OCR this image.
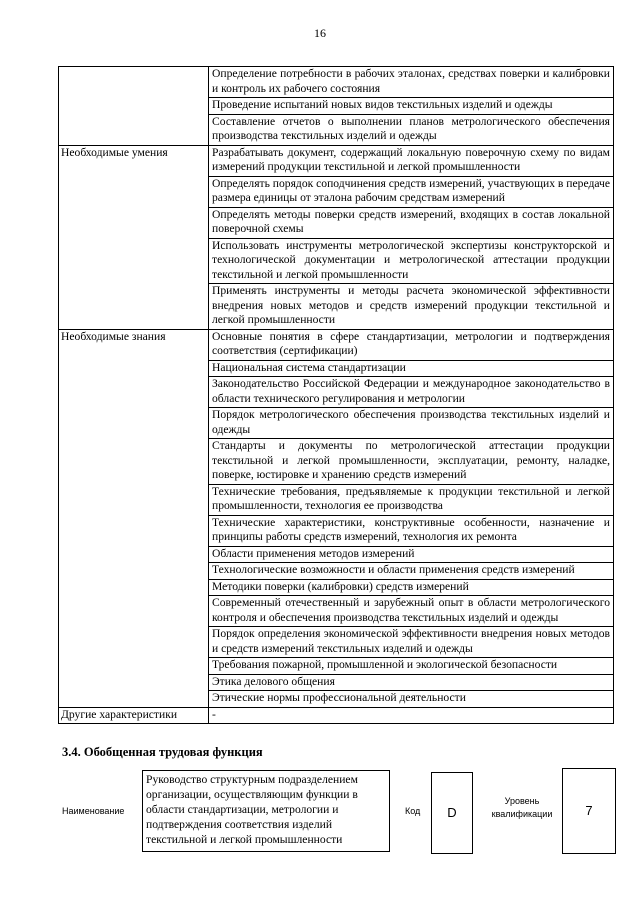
16
	Определение потребности в рабочих эталонах, средствах поверки и калибровки и контроль их рабочего состояния
	Проведение испытаний новых видов текстильных изделий и одежды
	Составление отчетов о выполнении планов метрологического обеспечения производства текстильных изделий и одежды
Необходимые умения	Разрабатывать документ, содержащий локальную поверочную схему по видам измерений продукции текстильной и легкой промышленности
	Определять порядок соподчинения средств измерений, участвующих в передаче размера единицы от эталона рабочим средствам измерений
	Определять методы поверки средств измерений, входящих в состав локальной поверочной схемы
	Использовать инструменты метрологической экспертизы конструкторской и технологической документации и метрологической аттестации продукции текстильной и легкой промышленности
	Применять инструменты и методы расчета экономической эффективности внедрения новых методов и средств измерений продукции текстильной и легкой промышленности
Необходимые знания	Основные понятия в сфере стандартизации, метрологии и подтверждения соответствия (сертификации)
	Национальная система стандартизации
	Законодательство Российской Федерации и международное законодательство в области технического регулирования и метрологии
	Порядок метрологического обеспечения производства текстильных изделий и одежды
	Стандарты и документы по метрологической аттестации продукции текстильной и легкой промышленности, эксплуатации, ремонту, наладке, поверке, юстировке и хранению средств измерений
	Технические требования, предъявляемые к продукции текстильной и легкой промышленности, технология ее производства
	Технические характеристики, конструктивные особенности, назначение и принципы работы средств измерений, технология их ремонта
	Области применения методов измерений
	Технологические возможности и области применения средств измерений
	Методики поверки (калибровки) средств измерений
	Современный отечественный и зарубежный опыт в области метрологического контроля и обеспечения производства текстильных изделий и одежды
	Порядок определения экономической эффективности внедрения новых методов и средств измерений текстильных изделий и одежды
	Требования пожарной, промышленной и экологической безопасности
	Этика делового общения
	Этические нормы профессиональной деятельности
Другие характеристики	-
3.4. Обобщенная трудовая функция
Наименование
Руководство структурным подразделением организации, осуществляющим функции в области стандартизации, метрологии и подтверждения соответствия изделий текстильной и легкой промышленности
Код	D
Уровень квалификации	7
